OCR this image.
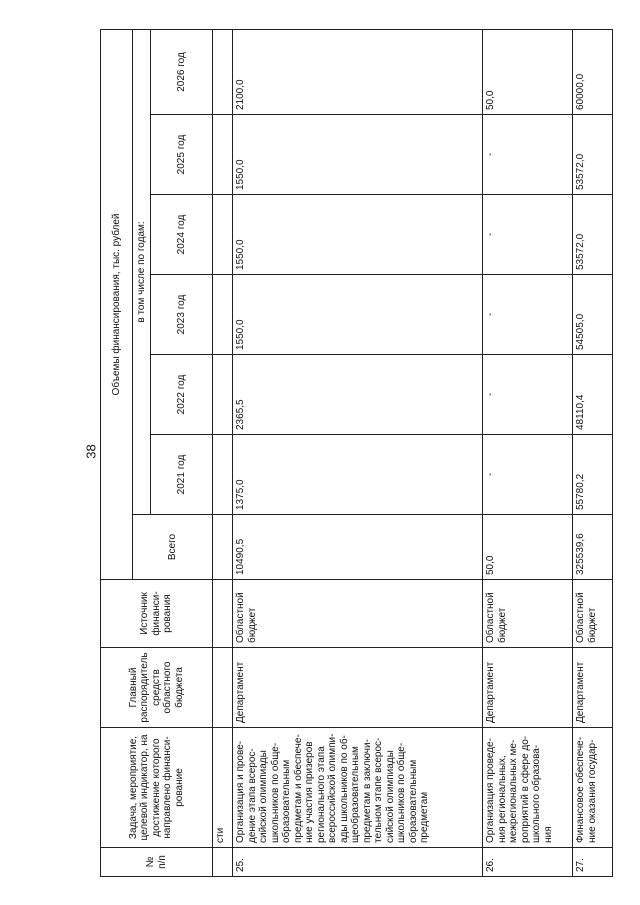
38
№ п/п	Задача, мероприятие, целевой индикатор, на достижение которого направлено финанси-рование	Главный распорядитель средств областного бюджета	Источник финанси-рования	Объемы финансирования, тыс. рублей						
				Всего	в том числе по годам:					
					2021 год	2022 год	2023 год	2024 год	2025 год	2026 год
	сти									
25.	Организация и прове-дение этапа всерос-сийской олимпиады школьников по обще-образовательным предметам и обеспече-ние участия призеров регионального этапа всероссийской олимпи-ады школьников по об-щеобразовательным предметам в заключи-тельном этапе всерос-сийской олимпиады школьников по обще-образовательным предметам	Департамент	Областной бюджет	10490,5	1375,0	2365,5	1550,0	1550,0	1550,0	2100,0
26.	Организация проведе-ния региональных, межрегиональных ме-роприятий в сфере до-школьного образова-ния	Департамент	Областной бюджет	50,0	-	-	-	-	-	50,0
27.	Финансовое обеспече-ние оказания государ-	Департамент	Областной бюджет	325539,6	55780,2	48110,4	54505,0	53572,0	53572,0	60000,0
